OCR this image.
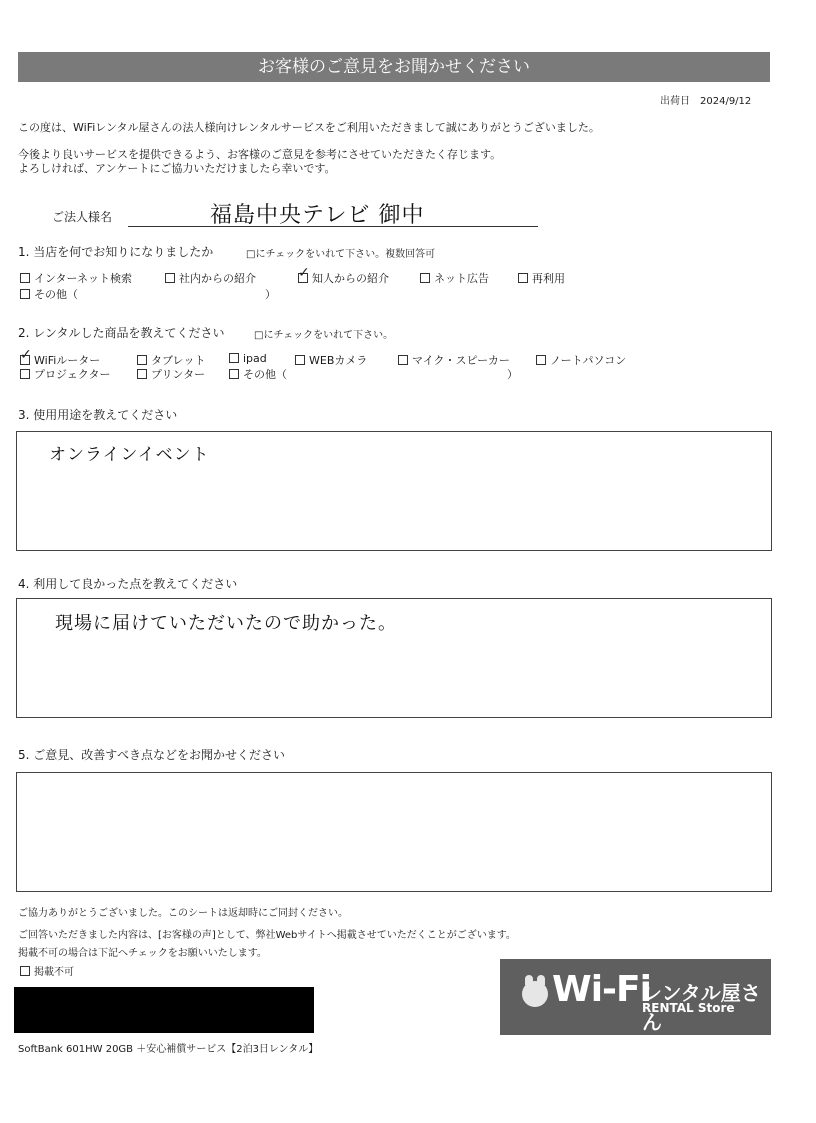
お客様のご意見をお聞かせください
出荷日　2024/9/12
この度は、WiFiレンタル屋さんの法人様向けレンタルサービスをご利用いただきまして誠にありがとうございました。
今後より良いサービスを提供できるよう、お客様のご意見を参考にさせていただきたく存じます。
よろしければ、アンケートにご協力いただけましたら幸いです。
ご法人様名	福島中央テレビ 御中
1. 当店を何でお知りになりましたか	□にチェックをいれて下さい。複数回答可
インターネット検索	社内からの紹介
✓	知人からの紹介	ネット広告	再利用
その他（　　　　　　　　　　　　　　　　　）
2. レンタルした商品を教えてください	□にチェックをいれて下さい。
✓WiFiルーター	タブレット	ipad	WEBカメラ	マイク・スピーカー	ノートパソコン
プロジェクター	プリンター	その他（　　　　　　　　　　　　　　　　　　　　）
3. 使用用途を教えてください
オンラインイベント
4. 利用して良かった点を教えてください
現場に届けていただいたので助かった。
5. ご意見、改善すべき点などをお聞かせください
ご協力ありがとうございました。このシートは返却時にご同封ください。
ご回答いただきました内容は、[お客様の声]として、弊社Webサイトへ掲載させていただくことがございます。
掲載不可の場合は下記へチェックをお願いいたします。
掲載不可
SoftBank 601HW 20GB ＋安心補償サービス【2泊3日レンタル】
Wi-Fi
レンタル屋さん
RENTAL Store
